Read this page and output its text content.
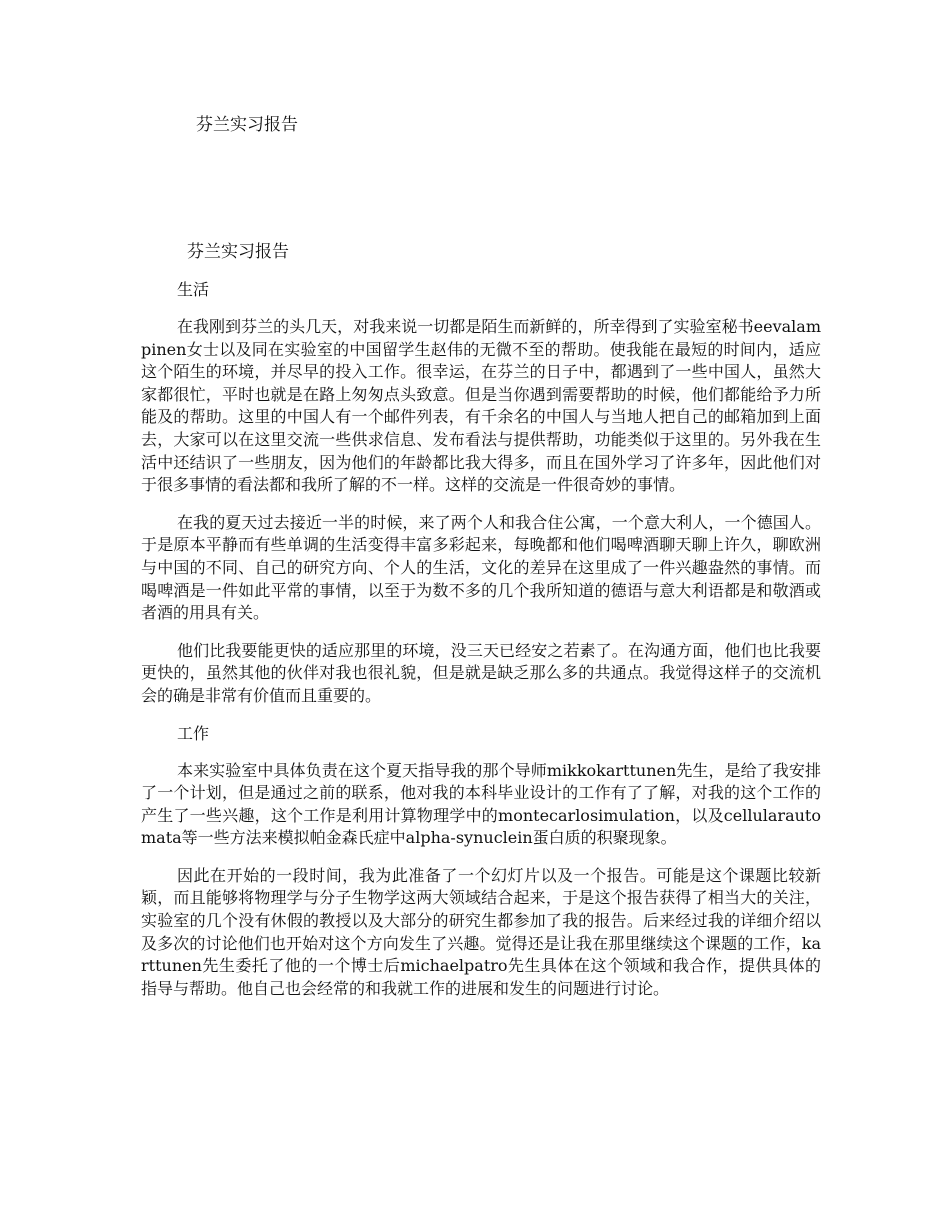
芬兰实习报告
芬兰实习报告
生活

在我刚到芬兰的头几天，对我来说一切都是陌生而新鲜的，所幸得到了实验室秘书eevalampinen女士以及同在实验室的中国留学生赵伟的无微不至的帮助。使我能在最短的时间内，适应这个陌生的环境，并尽早的投入工作。很幸运，在芬兰的日子中，都遇到了一些中国人，虽然大家都很忙，平时也就是在路上匆匆点头致意。但是当你遇到需要帮助的时候，他们都能给予力所能及的帮助。这里的中国人有一个邮件列表，有千余名的中国人与当地人把自己的邮箱加到上面去，大家可以在这里交流一些供求信息、发布看法与提供帮助，功能类似于这里的。另外我在生活中还结识了一些朋友，因为他们的年龄都比我大得多，而且在国外学习了许多年，因此他们对于很多事情的看法都和我所了解的不一样。这样的交流是一件很奇妙的事情。

在我的夏天过去接近一半的时候，来了两个人和我合住公寓，一个意大利人，一个德国人。于是原本平静而有些单调的生活变得丰富多彩起来，每晚都和他们喝啤酒聊天聊上许久，聊欧洲与中国的不同、自己的研究方向、个人的生活，文化的差异在这里成了一件兴趣盎然的事情。而喝啤酒是一件如此平常的事情，以至于为数不多的几个我所知道的德语与意大利语都是和敬酒或者酒的用具有关。

他们比我要能更快的适应那里的环境，没三天已经安之若素了。在沟通方面，他们也比我要更快的，虽然其他的伙伴对我也很礼貌，但是就是缺乏那么多的共通点。我觉得这样子的交流机会的确是非常有价值而且重要的。

工作

本来实验室中具体负责在这个夏天指导我的那个导师mikkokarttunen先生，是给了我安排了一个计划，但是通过之前的联系，他对我的本科毕业设计的工作有了了解，对我的这个工作的产生了一些兴趣，这个工作是利用计算物理学中的montecarlosimulation，以及cellularautomata等一些方法来模拟帕金森氏症中alpha-synuclein蛋白质的积聚现象。

因此在开始的一段时间，我为此准备了一个幻灯片以及一个报告。可能是这个课题比较新颖，而且能够将物理学与分子生物学这两大领域结合起来，于是这个报告获得了相当大的关注，实验室的几个没有休假的教授以及大部分的研究生都参加了我的报告。后来经过我的详细介绍以及多次的讨论他们也开始对这个方向发生了兴趣。觉得还是让我在那里继续这个课题的工作，karttunen先生委托了他的一个博士后michaelpatro先生具体在这个领域和我合作，提供具体的指导与帮助。他自己也会经常的和我就工作的进展和发生的问题进行讨论。
